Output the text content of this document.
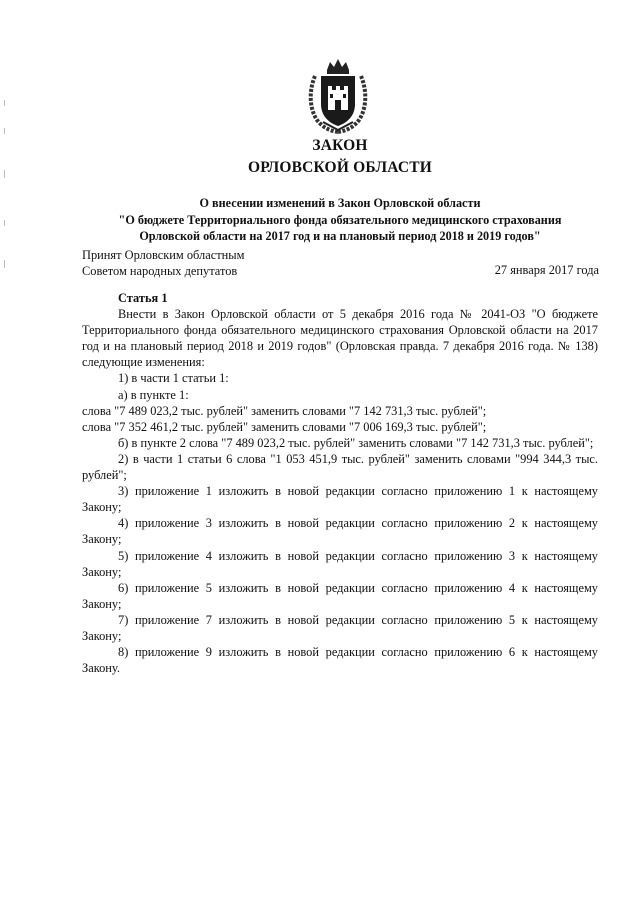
ЗАКОН
ОРЛОВСКОЙ ОБЛАСТИ
О внесении изменений в Закон Орловской области
"О бюджете Территориального фонда обязательного медицинского страхования
Орловской области на 2017 год и на плановый период 2018 и 2019 годов"
Принят Орловским областным
Советом народных депутатов	27 января 2017 года

Статья 1

Внести в Закон Орловской области от 5 декабря 2016 года № 2041-ОЗ "О бюджете Территориального фонда обязательного медицинского страхования Орловской области на 2017 год и на плановый период 2018 и 2019 годов" (Орловская правда. 7 декабря 2016 года. № 138) следующие изменения:

1) в части 1 статьи 1:

а) в пункте 1:

слова "7 489 023,2 тыс. рублей" заменить словами "7 142 731,3 тыс. рублей";

слова "7 352 461,2 тыс. рублей" заменить словами "7 006 169,3 тыс. рублей";

б) в пункте 2 слова "7 489 023,2 тыс. рублей" заменить словами "7 142 731,3 тыс. рублей";

2) в части 1 статьи 6 слова "1 053 451,9 тыс. рублей" заменить словами "994 344,3 тыс. рублей";

3) приложение 1 изложить в новой редакции согласно приложению 1 к настоящему Закону;

4) приложение 3 изложить в новой редакции согласно приложению 2 к настоящему Закону;

5) приложение 4 изложить в новой редакции согласно приложению 3 к настоящему Закону;

6) приложение 5 изложить в новой редакции согласно приложению 4 к настоящему Закону;

7) приложение 7 изложить в новой редакции согласно приложению 5 к настоящему Закону;

8) приложение 9 изложить в новой редакции согласно приложению 6 к настоящему Закону.
